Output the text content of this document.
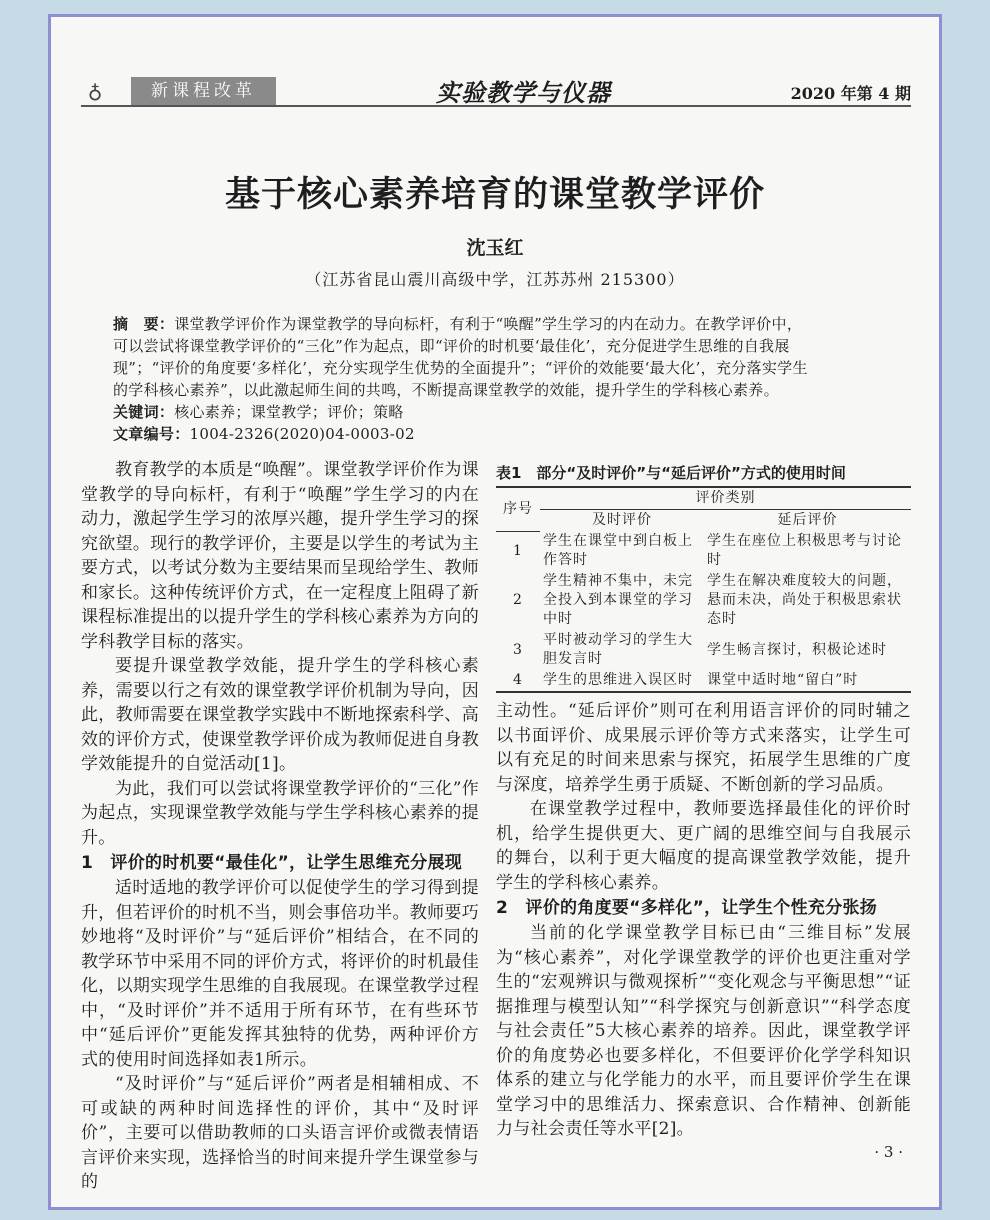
♁	新课程改革	实验教学与仪器	2020 年第 4 期
基于核心素养培育的课堂教学评价
沈玉红
（江苏省昆山震川高级中学，江苏苏州 215300）
摘　要：课堂教学评价作为课堂教学的导向标杆，有利于“唤醒”学生学习的内在动力。在教学评价中，可以尝试将课堂教学评价的“三化”作为起点，即“评价的时机要‘最佳化’，充分促进学生思维的自我展现”；“评价的角度要‘多样化’，充分实现学生优势的全面提升”；“评价的效能要‘最大化’，充分落实学生的学科核心素养”，以此激起师生间的共鸣，不断提高课堂教学的效能，提升学生的学科核心素养。
关键词：核心素养；课堂教学；评价；策略
文章编号：1004-2326(2020)04-0003-02

教育教学的本质是“唤醒”。课堂教学评价作为课堂教学的导向标杆，有利于“唤醒”学生学习的内在动力，激起学生学习的浓厚兴趣，提升学生学习的探究欲望。现行的教学评价，主要是以学生的考试为主要方式，以考试分数为主要结果而呈现给学生、教师和家长。这种传统评价方式，在一定程度上阻碍了新课程标准提出的以提升学生的学科核心素养为方向的学科教学目标的落实。

要提升课堂教学效能，提升学生的学科核心素养，需要以行之有效的课堂教学评价机制为导向，因此，教师需要在课堂教学实践中不断地探索科学、高效的评价方式，使课堂教学评价成为教师促进自身教学效能提升的自觉活动[1]。

为此，我们可以尝试将课堂教学评价的“三化”作为起点，实现课堂教学效能与学生学科核心素养的提升。

1　评价的时机要“最佳化”，让学生思维充分展现

适时适地的教学评价可以促使学生的学习得到提升，但若评价的时机不当，则会事倍功半。教师要巧妙地将“及时评价”与“延后评价”相结合，在不同的教学环节中采用不同的评价方式，将评价的时机最佳化，以期实现学生思维的自我展现。在课堂教学过程中，“及时评价”并不适用于所有环节，在有些环节中“延后评价”更能发挥其独特的优势，两种评价方式的使用时间选择如表1所示。

“及时评价”与“延后评价”两者是相辅相成、不可或缺的两种时间选择性的评价，其中“及时评价”，主要可以借助教师的口头语言评价或微表情语言评价来实现，选择恰当的时间来提升学生课堂参与的

表1　部分“及时评价”与“延后评价”方式的使用时间
序号	评价类别	
	及时评价	延后评价
1	学生在课堂中到白板上作答时	学生在座位上积极思考与讨论时
2	学生精神不集中，未完全投入到本课堂的学习中时	学生在解决难度较大的问题，悬而未决，尚处于积极思索状态时
3	平时被动学习的学生大胆发言时	学生畅言探讨，积极论述时
4	学生的思维进入误区时	课堂中适时地“留白”时

主动性。“延后评价”则可在利用语言评价的同时辅之以书面评价、成果展示评价等方式来落实，让学生可以有充足的时间来思索与探究，拓展学生思维的广度与深度，培养学生勇于质疑、不断创新的学习品质。

在课堂教学过程中，教师要选择最佳化的评价时机，给学生提供更大、更广阔的思维空间与自我展示的舞台，以利于更大幅度的提高课堂教学效能，提升学生的学科核心素养。

2　评价的角度要“多样化”，让学生个性充分张扬

当前的化学课堂教学目标已由“三维目标”发展为“核心素养”，对化学课堂教学的评价也更注重对学生的“宏观辨识与微观探析”“变化观念与平衡思想”“证据推理与模型认知”“科学探究与创新意识”“科学态度与社会责任”5大核心素养的培养。因此，课堂教学评价的角度势必也要多样化，不但要评价化学学科知识体系的建立与化学能力的水平，而且要评价学生在课堂学习中的思维活力、探索意识、合作精神、创新能力与社会责任等水平[2]。

· 3 ·
